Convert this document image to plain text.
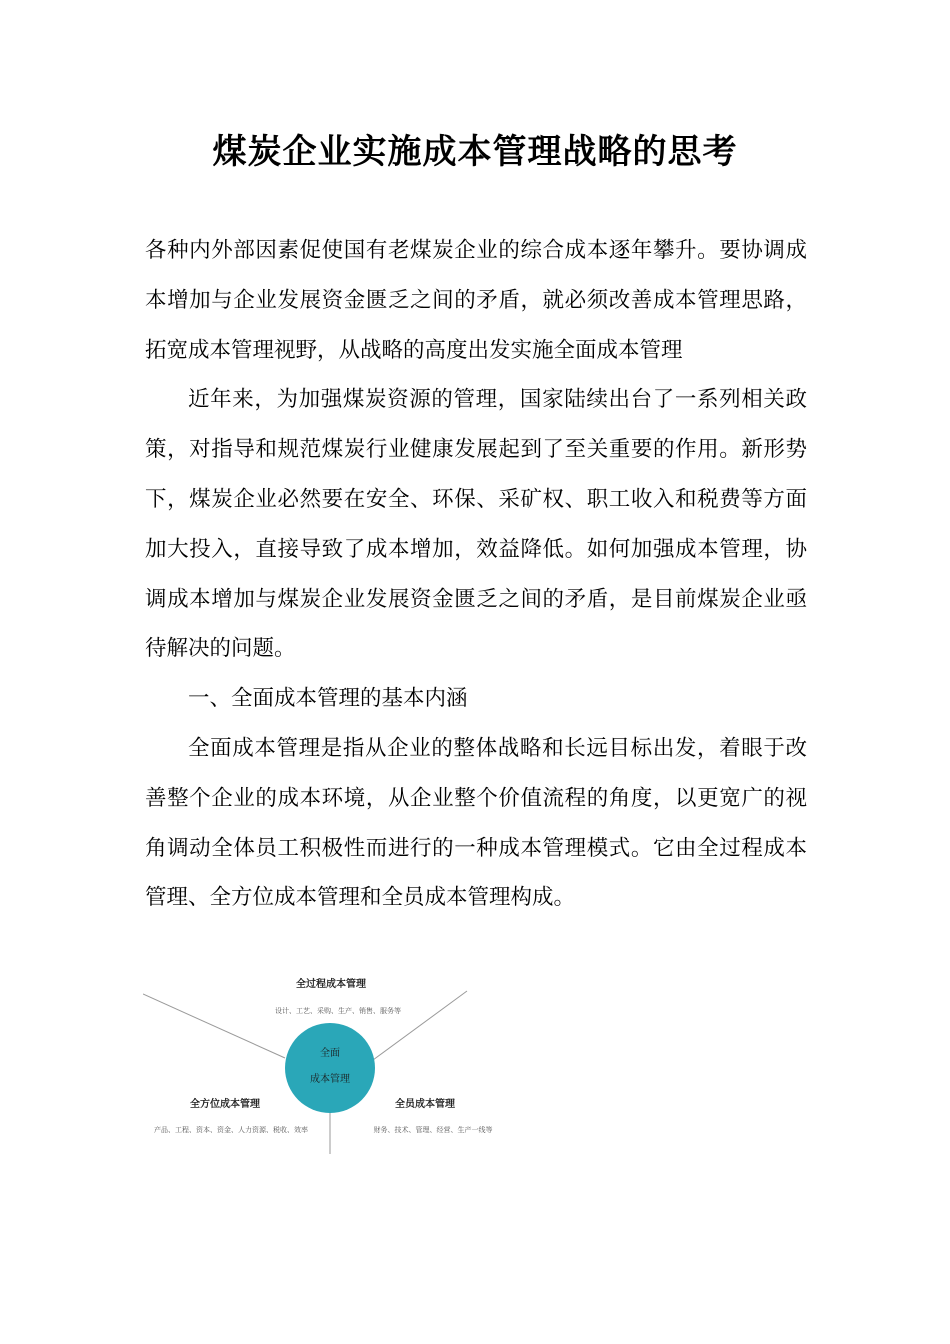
煤炭企业实施成本管理战略的思考

各种内外部因素促使国有老煤炭企业的综合成本逐年攀升。要协调成本增加与企业发展资金匮乏之间的矛盾，就必须改善成本管理思路，拓宽成本管理视野，从战略的高度出发实施全面成本管理

近年来，为加强煤炭资源的管理，国家陆续出台了一系列相关政策，对指导和规范煤炭行业健康发展起到了至关重要的作用。新形势下，煤炭企业必然要在安全、环保、采矿权、职工收入和税费等方面加大投入，直接导致了成本增加，效益降低。如何加强成本管理，协调成本增加与煤炭企业发展资金匮乏之间的矛盾，是目前煤炭企业亟待解决的问题。

一、全面成本管理的基本内涵

全面成本管理是指从企业的整体战略和长远目标出发，着眼于改善整个企业的成本环境，从企业整个价值流程的角度，以更宽广的视角调动全体员工积极性而进行的一种成本管理模式。它由全过程成本管理、全方位成本管理和全员成本管理构成。

全面
成本管理
全过程成本管理
设计、工艺、采购、生产、销售、服务等
全方位成本管理
产品、工程、资本、资金、人力资源、税收、效率
全员成本管理
财务、技术、管理、经营、生产一线等
